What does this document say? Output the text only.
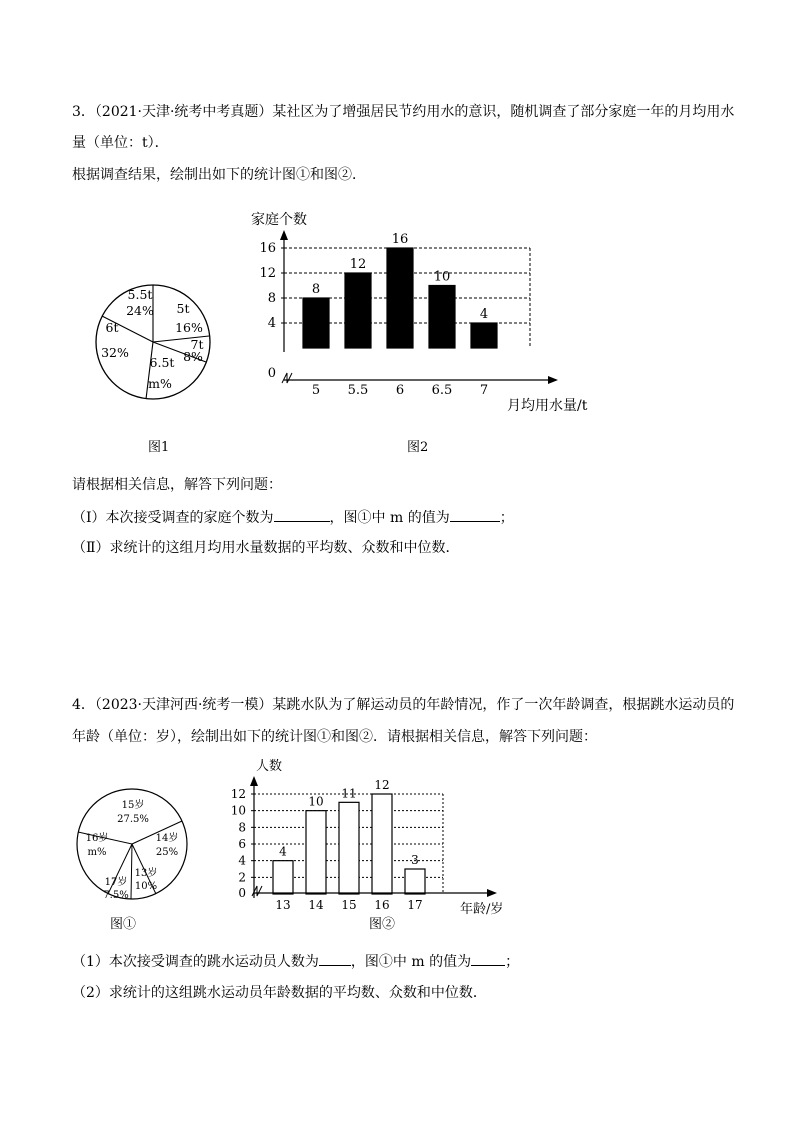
3．（2021·天津·统考中考真题）某社区为了增强居民节约用水的意识，随机调查了部分家庭一年的月均用水
量（单位：t）．
根据调查结果，绘制出如下的统计图①和图②．
5.5t
24% 5t
16%
7t
8%
6.5t
m%
6t
32%
图1
8
5
12
5.5
16
6
10
6.5
4
7
0
4
8
12
16
家庭个数
月均用水量/t
图2
请根据相关信息，解答下列问题：
（Ⅰ）本次接受调查的家庭个数为	，图①中 m 的值为	；
（Ⅱ）求统计的这组月均用水量数据的平均数、众数和中位数．
4．（2023·天津河西·统考一模）某跳水队为了解运动员的年龄情况，作了一次年龄调查，根据跳水运动员的
年龄（单位：岁），绘制出如下的统计图①和图②．请根据相关信息，解答下列问题：
15岁
27.5%
14岁
25%
13岁
10%
17岁
7.5%
16岁
m%
图①
4
13
10
14
11
15
12
16
3
17
0
2
4
6
8
10
12
人数
年龄/岁
图②
（1）本次接受调查的跳水运动员人数为 ，图①中 m 的值为 ；
（2）求统计的这组跳水运动员年龄数据的平均数、众数和中位数．
